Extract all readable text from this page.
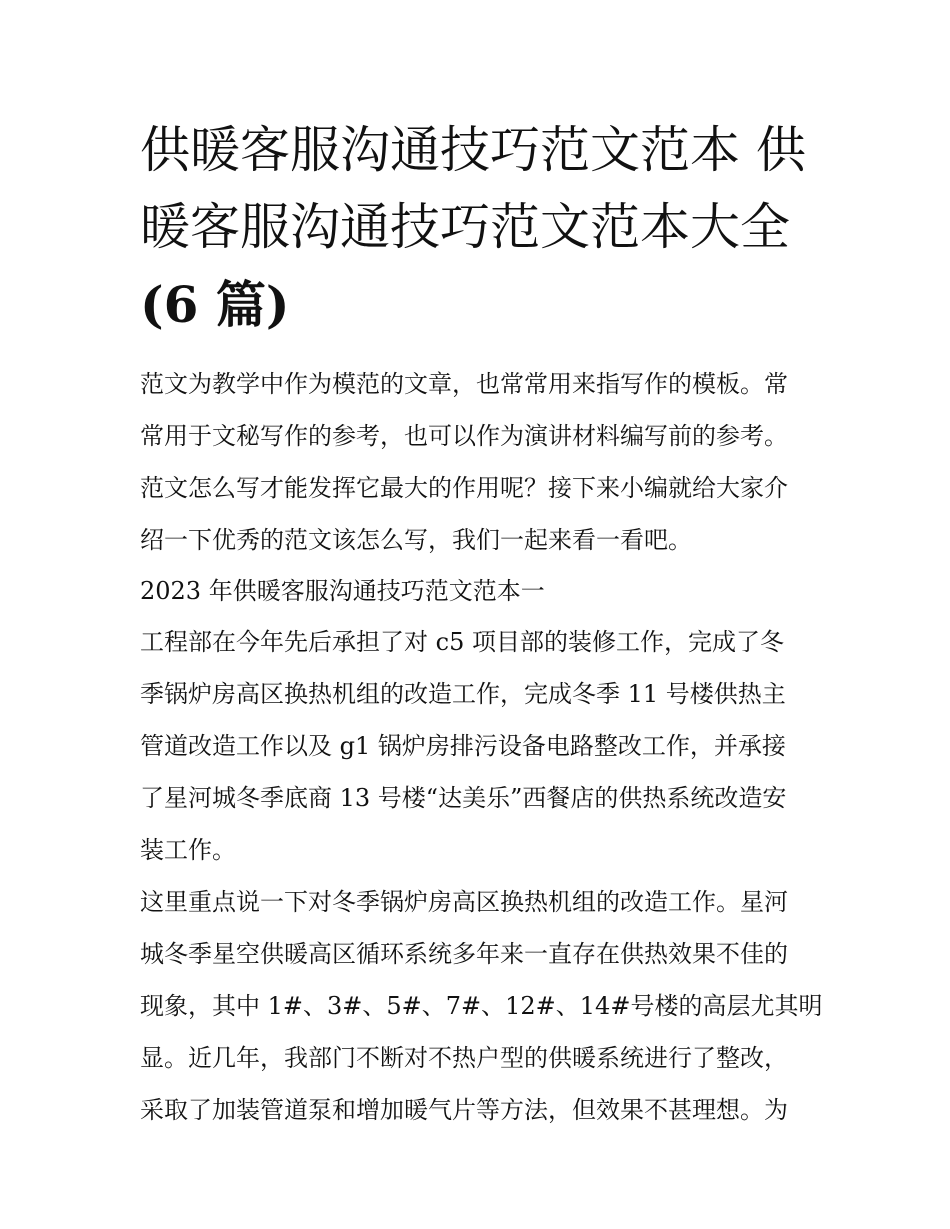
供暖客服沟通技巧范文范本 供
暖客服沟通技巧范文范本大全
(6 篇)
范文为教学中作为模范的文章，也常常用来指写作的模板。常
常用于文秘写作的参考，也可以作为演讲材料编写前的参考。
范文怎么写才能发挥它最大的作用呢？接下来小编就给大家介
绍一下优秀的范文该怎么写，我们一起来看一看吧。
2023 年供暖客服沟通技巧范文范本一
工程部在今年先后承担了对 c5 项目部的装修工作，完成了冬
季锅炉房高区换热机组的改造工作，完成冬季 11 号楼供热主
管道改造工作以及 g1 锅炉房排污设备电路整改工作，并承接
了星河城冬季底商 13 号楼“达美乐”西餐店的供热系统改造安
装工作。
这里重点说一下对冬季锅炉房高区换热机组的改造工作。星河
城冬季星空供暖高区循环系统多年来一直存在供热效果不佳的
现象，其中 1#、3#、5#、7#、12#、14#号楼的高层尤其明
显。近几年，我部门不断对不热户型的供暖系统进行了整改，
采取了加装管道泵和增加暖气片等方法，但效果不甚理想。为
